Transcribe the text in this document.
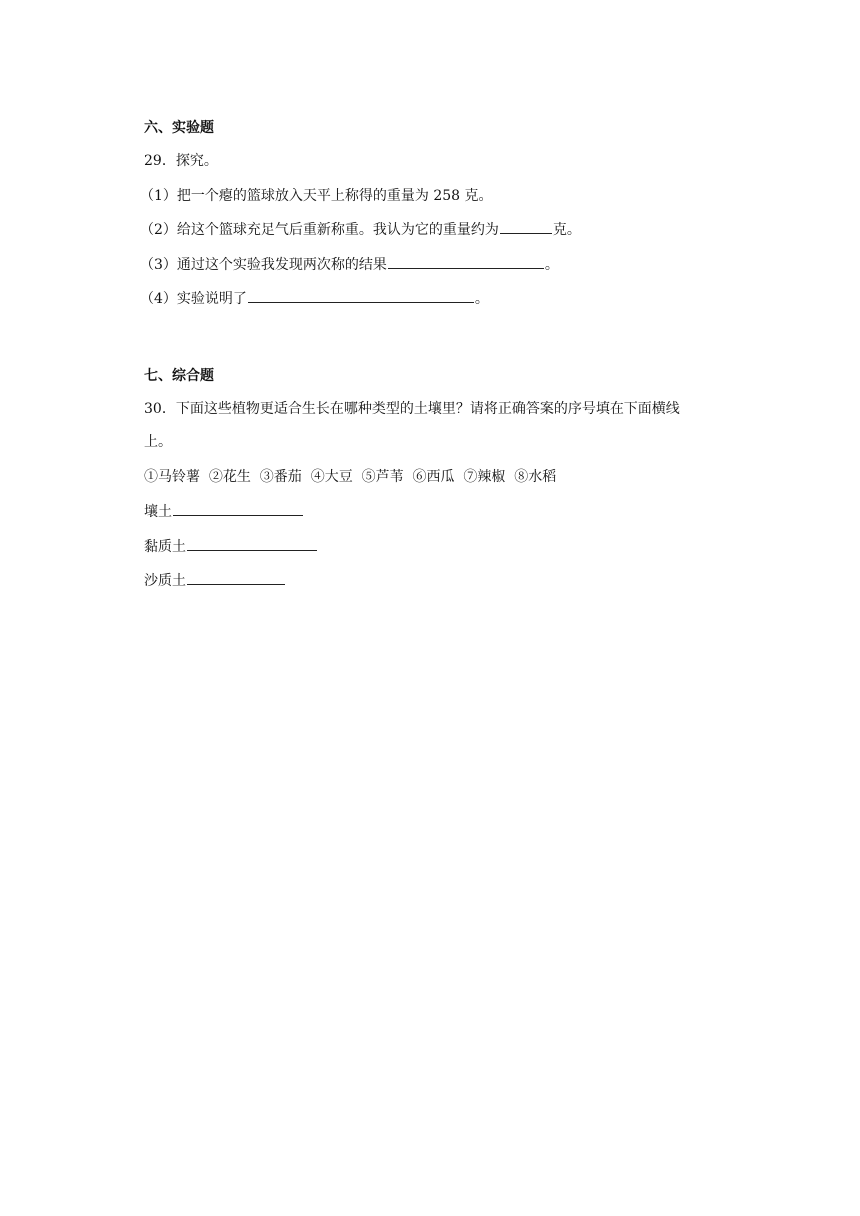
六、实验题
29．探究。
（1）把一个瘪的篮球放入天平上称得的重量为 258 克。
（2）给这个篮球充足气后重新称重。我认为它的重量约为	克。
（3）通过这个实验我发现两次称的结果	。
（4）实验说明了	。
七、综合题
30．下面这些植物更适合生长在哪种类型的土壤里？请将正确答案的序号填在下面横线
上。
①马铃薯  ②花生  ③番茄  ④大豆  ⑤芦苇  ⑥西瓜  ⑦辣椒  ⑧水稻
壤土
黏质土
沙质土
